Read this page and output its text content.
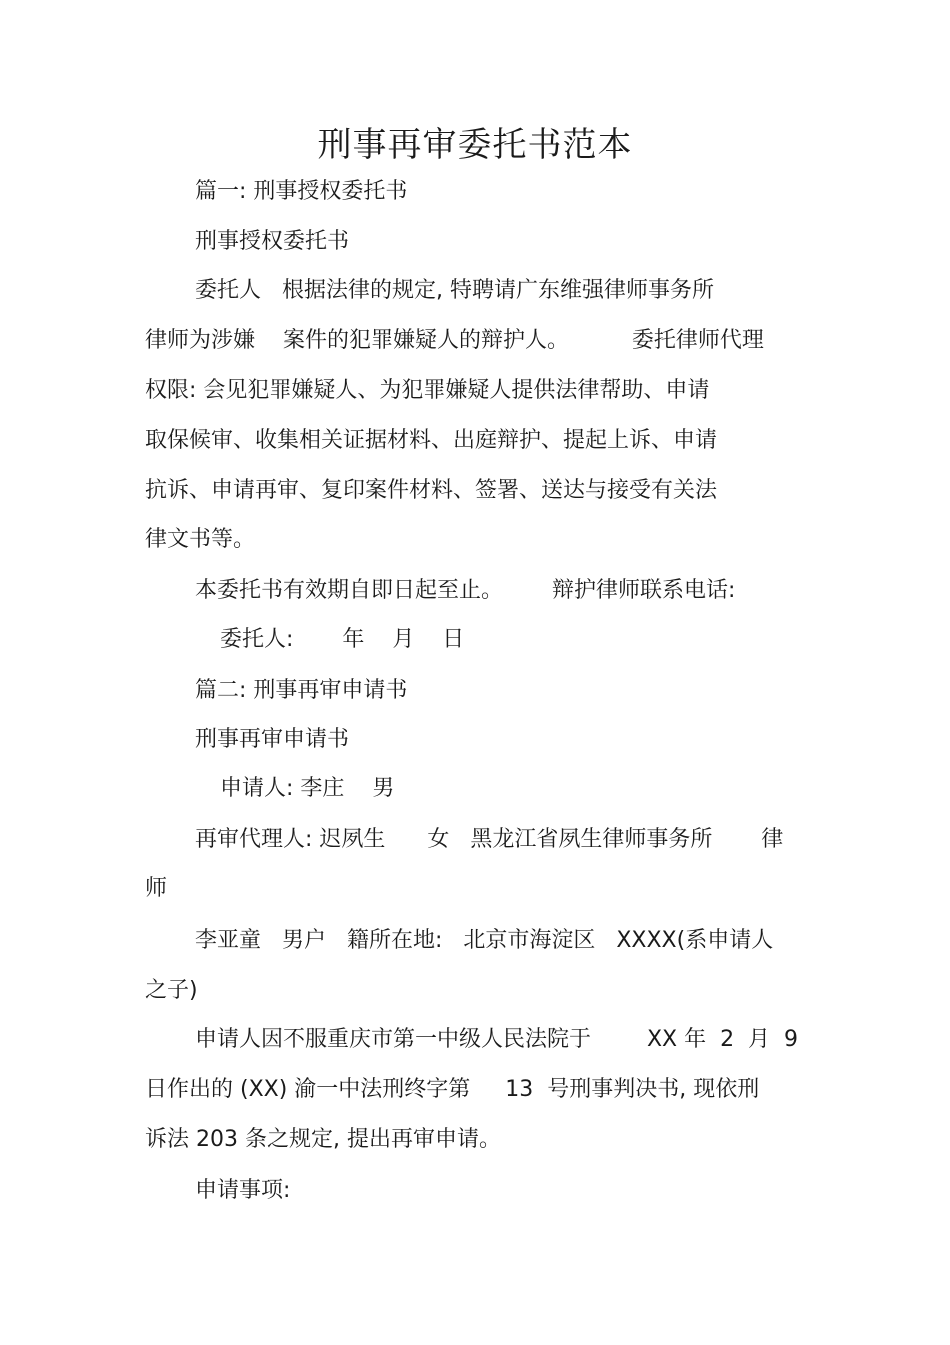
刑事再审委托书范本
篇一: 刑事授权委托书
刑事授权委托书
委托人   根据法律的规定, 特聘请广东维强律师事务所
律师为涉嫌    案件的犯罪嫌疑人的辩护人。         委托律师代理
权限: 会见犯罪嫌疑人、为犯罪嫌疑人提供法律帮助、申请
取保候审、收集相关证据材料、出庭辩护、提起上诉、申请
抗诉、申请再审、复印案件材料、签署、送达与接受有关法
律文书等。
本委托书有效期自即日起至止。       辩护律师联系电话:
委托人:       年    月    日
篇二: 刑事再审申请书
刑事再审申请书
申请人: 李庄    男
再审代理人: 迟夙生      女   黑龙江省夙生律师事务所       律
师
李亚童   男户   籍所在地:   北京市海淀区   XXXX(系申请人
之子)
申请人因不服重庆市第一中级人民法院于        XX 年  2  月  9
日作出的 (XX) 渝一中法刑终字第     13  号刑事判决书, 现依刑
诉法 203 条之规定, 提出再审申请。
申请事项:
